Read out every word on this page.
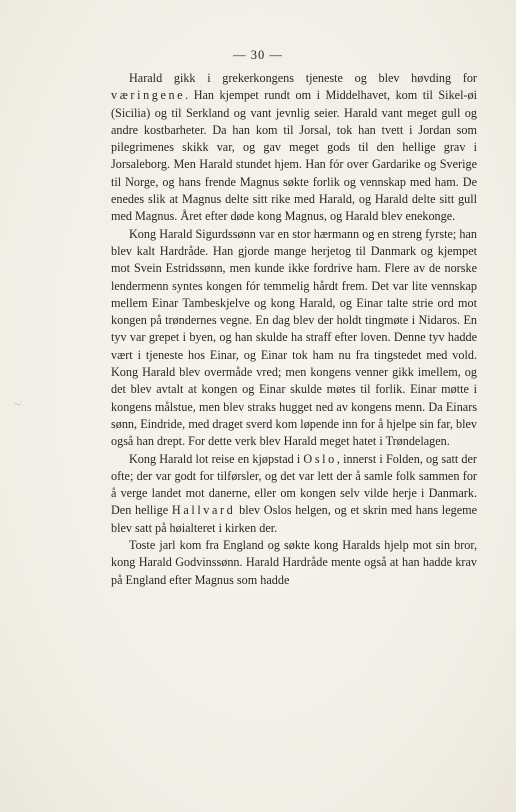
— 30 —
1.

Harald gikk i grekerkongens tjeneste og blev høvding for væringene. Han kjempet rundt om i Middelhavet, kom til Sikel-øi (Sicilia) og til Serkland og vant jevnlig seier. Harald vant meget gull og andre kostbarheter. Da han kom til Jorsal, tok han tvett i Jordan som pilegrimenes skikk var, og gav meget gods til den hellige grav i Jorsaleborg. Men Harald stundet hjem. Han fór over Gardarike og Sverige til Norge, og hans frende Magnus søkte forlik og vennskap med ham. De enedes slik at Magnus delte sitt rike med Harald, og Harald delte sitt gull med Magnus. Året efter døde kong Magnus, og Harald blev enekonge.

Kong Harald Sigurdssønn var en stor hærmann og en streng fyrste; han blev kalt Hardråde. Han gjorde mange herjetog til Danmark og kjempet mot Svein Estridssønn, men kunde ikke fordrive ham. Flere av de norske lendermenn syntes kongen fór temmelig hårdt frem. Det var lite vennskap mellem Einar Tambeskjelve og kong Harald, og Einar talte strie ord mot kongen på trøndernes vegne. En dag blev der holdt tingmøte i Nidaros. En tyv var grepet i byen, og han skulde ha straff efter loven. Denne tyv hadde vært i tjeneste hos Einar, og Einar tok ham nu fra tingstedet med vold. Kong Harald blev overmåde vred; men kongens venner gikk imellem, og det blev avtalt at kongen og Einar skulde møtes til forlik. Einar møtte i kongens målstue, men blev straks hugget ned av kongens menn. Da Einars sønn, Eindride, med draget sverd kom løpende inn for å hjelpe sin far, blev også han drept. For dette verk blev Harald meget hatet i Trøndelagen.

Kong Harald lot reise en kjøpstad i Oslo, innerst i Folden, og satt der ofte; der var godt for tilførsler, og det var lett der å samle folk sammen for å verge landet mot danerne, eller om kongen selv vilde herje i Danmark. Den hellige Hallvard blev Oslos helgen, og et skrin med hans legeme blev satt på høialteret i kirken der.

Toste jarl kom fra England og søkte kong Haralds hjelp mot sin bror, kong Harald Godvinssønn. Harald Hardråde mente også at han hadde krav på England efter Magnus som hadde
